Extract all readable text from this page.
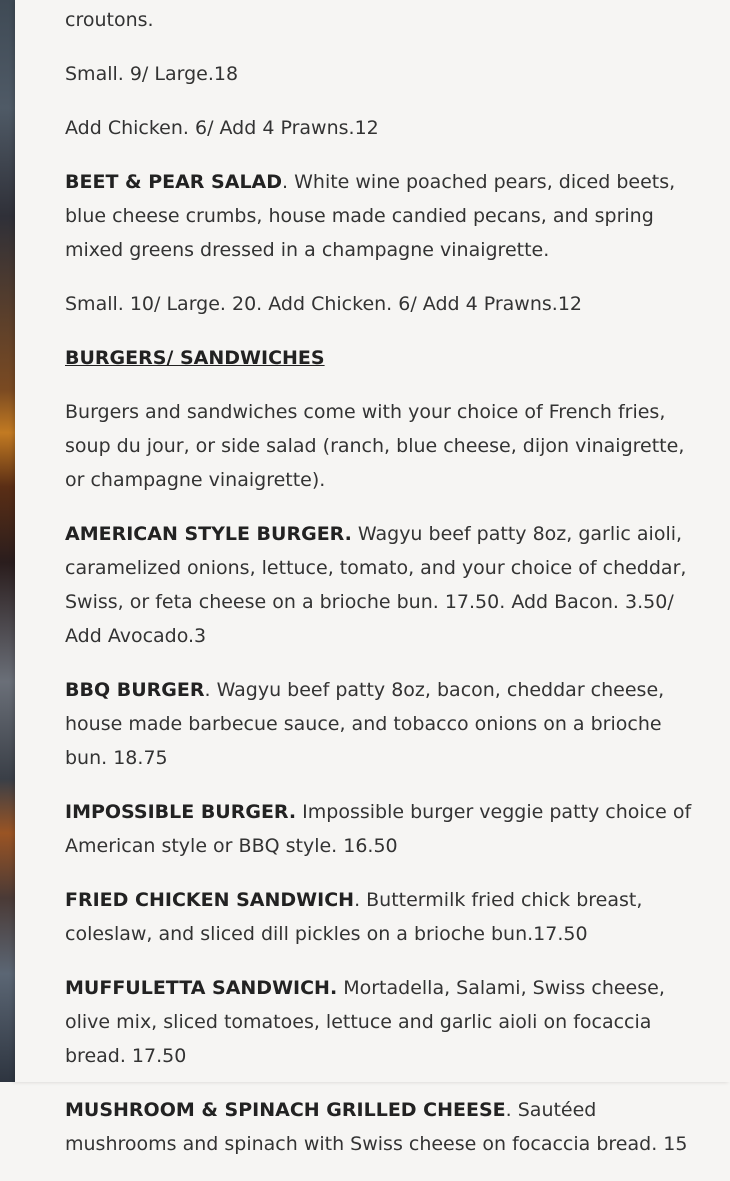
croutons.

Small. 9/ Large.18

Add Chicken. 6/ Add 4 Prawns.12

BEET & PEAR SALAD. White wine poached pears, diced beets, blue cheese crumbs, house made candied pecans, and spring mixed greens dressed in a champagne vinaigrette.

Small. 10/ Large. 20. Add Chicken. 6/ Add 4 Prawns.12

BURGERS/ SANDWICHES

Burgers and sandwiches come with your choice of French fries, soup du jour, or side salad (ranch, blue cheese, dijon vinaigrette, or champagne vinaigrette).

AMERICAN STYLE BURGER. Wagyu beef patty 8oz, garlic aioli, caramelized onions, lettuce, tomato, and your choice of cheddar, Swiss, or feta cheese on a brioche bun. 17.50. Add Bacon. 3.50/ Add Avocado.3

BBQ BURGER. Wagyu beef patty 8oz, bacon, cheddar cheese, house made barbecue sauce, and tobacco onions on a brioche bun. 18.75

IMPOSSIBLE BURGER. Impossible burger veggie patty choice of American style or BBQ style. 16.50

FRIED CHICKEN SANDWICH. Buttermilk fried chick breast, coleslaw, and sliced dill pickles on a brioche bun.17.50

MUFFULETTA SANDWICH. Mortadella, Salami, Swiss cheese, olive mix, sliced tomatoes, lettuce and garlic aioli on focaccia bread. 17.50

MUSHROOM & SPINACH GRILLED CHEESE. Sautéed mushrooms and spinach with Swiss cheese on focaccia bread. 15
